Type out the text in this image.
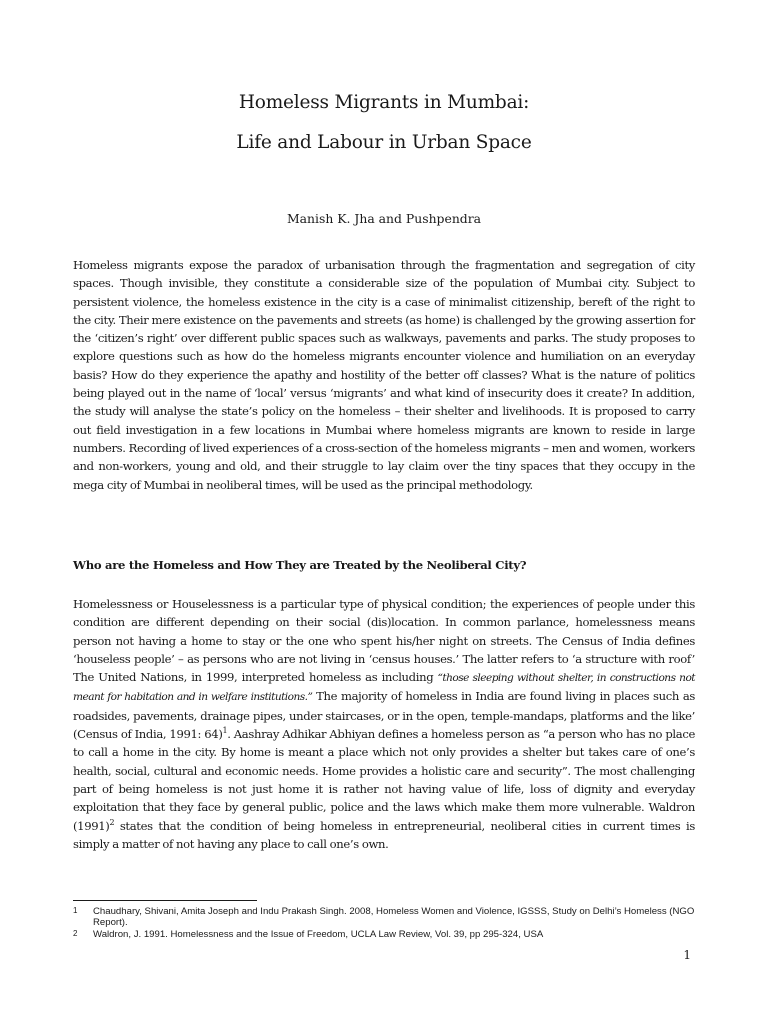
Homeless Migrants in Mumbai:
Life and Labour in Urban Space

Manish K. Jha and Pushpendra

Homeless migrants expose the paradox of urbanisation through the fragmentation and segregation of city spaces. Though invisible, they constitute a considerable size of the population of Mumbai city. Subject to persistent violence, the homeless existence in the city is a case of minimalist citizenship, bereft of the right to the city. Their mere existence on the pavements and streets (as home) is challenged by the growing assertion for the ‘citizen’s right’ over different public spaces such as walkways, pavements and parks. The study proposes to explore questions such as how do the homeless migrants encounter violence and humiliation on an everyday basis? How do they experience the apathy and hostility of the better off classes? What is the nature of politics being played out in the name of ‘local’ versus ‘migrants’ and what kind of insecurity does it create? In addition, the study will analyse the state’s policy on the homeless – their shelter and livelihoods. It is proposed to carry out field investigation in a few locations in Mumbai where homeless migrants are known to reside in large numbers. Recording of lived experiences of a cross-section of the homeless migrants – men and women, workers and non-workers, young and old, and their struggle to lay claim over the tiny spaces that they occupy in the mega city of Mumbai in neoliberal times, will be used as the principal methodology.

Who are the Homeless and How They are Treated by the Neoliberal City?

Homelessness or Houselessness is a particular type of physical condition; the experiences of people under this condition are different depending on their social (dis)location. In common parlance, homelessness means person not having a home to stay or the one who spent his/her night on streets. The Census of India defines ‘houseless people’ – as persons who are not living in ‘census houses.’ The latter refers to ‘a structure with roof’ The United Nations, in 1999, interpreted homeless as including “those sleeping without shelter, in constructions not meant for habitation and in welfare institutions.” The majority of homeless in India are found living in places such as roadsides, pavements, drainage pipes, under staircases, or in the open, temple-mandaps, platforms and the like’ (Census of India, 1991: 64)$^1$. Aashray Adhikar Abhiyan defines a homeless person as “a person who has no place to call a home in the city. By home is meant a place which not only provides a shelter but takes care of one’s health, social, cultural and economic needs. Home provides a holistic care and security”. The most challenging part of being homeless is not just home it is rather not having value of life, loss of dignity and everyday exploitation that they face by general public, police and the laws which make them more vulnerable. Waldron $(1991)^2$ states that the condition of being homeless in entrepreneurial, neoliberal cities in current times is simply a matter of not having any place to call one’s own.

1	Chaudhary, Shivani, Amita Joseph and Indu Prakash Singh. 2008, Homeless Women and Violence, IGSSS, Study on Delhi’s Homeless (NGO Report).
2	Waldron, J. 1991. Homelessness and the Issue of Freedom, UCLA Law Review, Vol. 39, pp 295-324, USA
1
